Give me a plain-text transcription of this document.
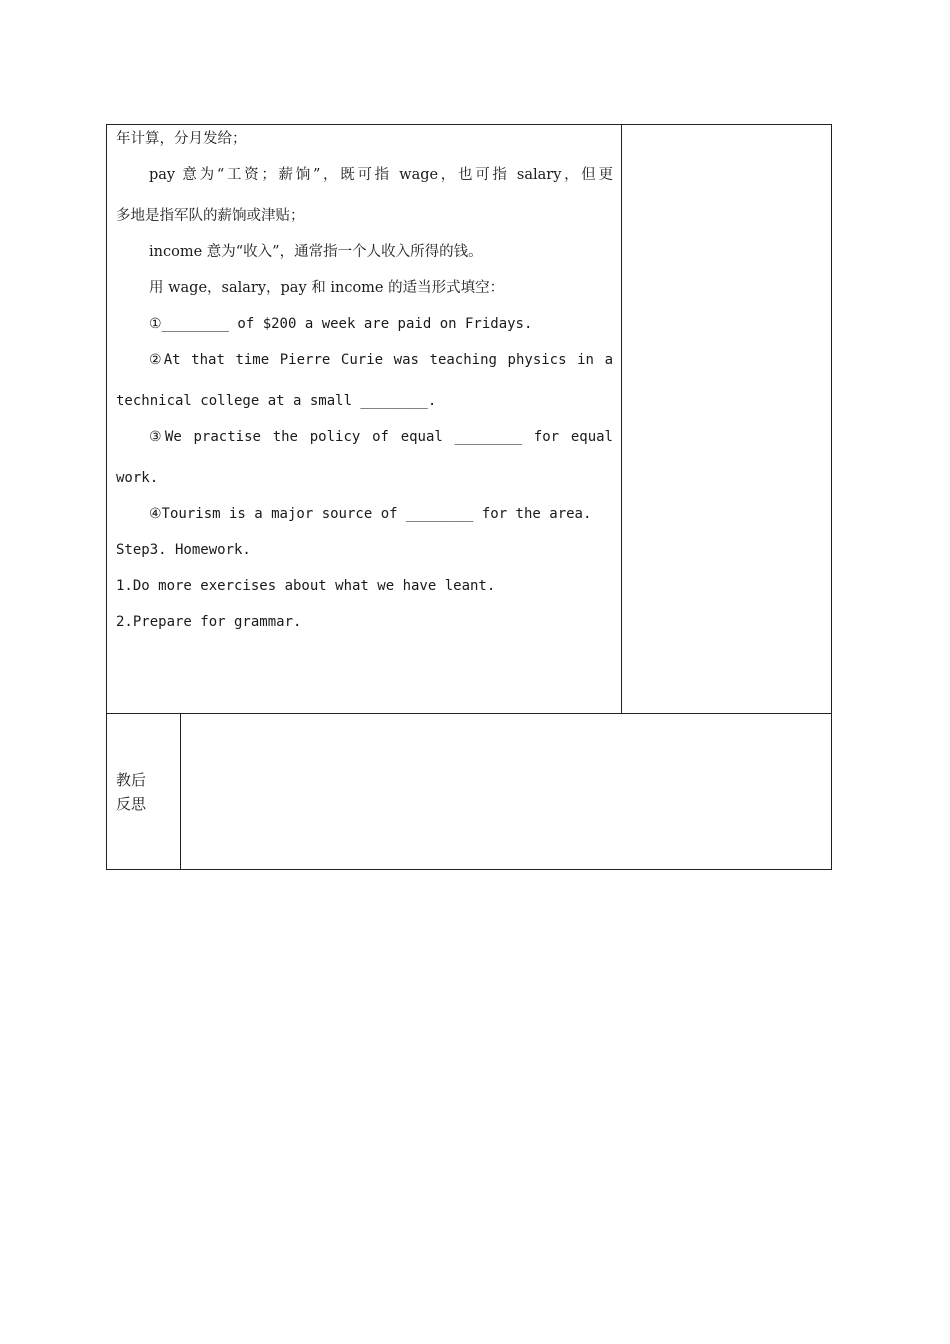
年计算，分月发给；
pay 意为“工资；薪饷”，既可指 wage，也可指 salary，但更
多地是指军队的薪饷或津贴；
income 意为“收入”，通常指一个人收入所得的钱。
用 wage，salary，pay 和 income 的适当形式填空：
①________ of $200 a week are paid on Fridays.
②At that time Pierre Curie was teaching physics in a
technical college at a small ________.
③We practise the policy of equal ________ for equal
work.
④Tourism is a major source of ________ for the area.
Step3. Homework.
1.Do more exercises about what we have leant.
2.Prepare for grammar.
教后
反思
